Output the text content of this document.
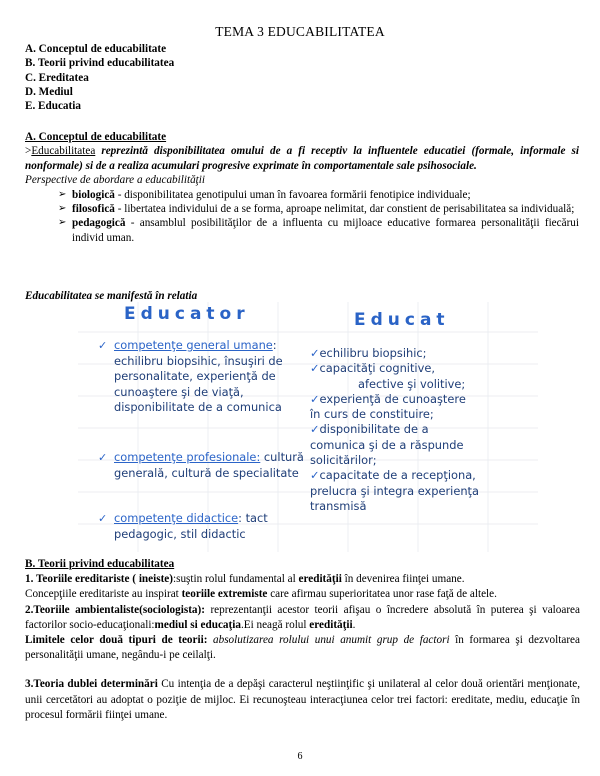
TEMA 3 EDUCABILITATEA
A. Conceptul de educabilitate
B. Teorii privind educabilitatea
C. Ereditatea
D. Mediul
E. Educatia
A. Conceptul de educabilitate
>Educabilitatea reprezintă disponibilitatea omului de a fi receptiv la influentele educatiei (formale, informale si nonformale) si de a realiza acumulari progresive exprimate în comportamentale sale psihosociale.
Perspective de abordare a educabilităţii
➢ biologică - disponibilitatea genotipului uman în favoarea formării fenotipice individuale;
➢ filosofică - libertatea individului de a se forma, aproape nelimitat, dar constient de perisabilitatea sa individuală;
➢ pedagogică - ansamblul posibilităţilor de a influenta cu mijloace educative formarea personalităţii fiecărui individ uman.
Educabilitatea se manifestă în relatia
Educator	Educat
✓ competenţe general umane: echilibru biopsihic, însuşiri de personalitate, experienţă de cunoaştere şi de viaţă, disponibilitate de a comunica
✓ competenţe profesionale: cultură generală, cultură de specialitate
✓ competenţe didactice: tact pedagogic, stil didactic
✓echilibru biopsihic;
✓capacităţi cognitive,
afective şi volitive;
✓experienţă de cunoaştere
în curs de constituire;
✓disponibilitate de a
comunica şi de a răspunde
solicitărilor;
✓capacitate de a recepţiona,
prelucra şi integra experienţa
transmisă
B. Teorii privind educabilitatea

1. Teoriile ereditariste ( ineiste):suştin rolul fundamental al eredităţii în devenirea fiinţei umane.

Concepţiile ereditariste au inspirat teoriile extremiste care afirmau superioritatea unor rase faţă de altele.

2.Teoriile ambientaliste(sociologista): reprezentanţii acestor teorii afişau o încredere absolută în puterea şi valoarea factorilor socio-educaţionali:mediul si educaţia.Ei neagă rolul eredităţii.

Limitele celor două tipuri de teorii: absolutizarea rolului unui anumit grup de factori în formarea şi dezvoltarea personalităţii umane, negându-i pe ceilalţi.

3.Teoria dublei determinări Cu intenţia de a depăşi caracterul neştiinţific şi unilateral al celor două orientări menţionate, unii cercetători au adoptat o poziţie de mijloc. Ei recunoşteau interacţiunea celor trei factori: ereditate, mediu, educaţie în procesul formării fiinţei umane.

6
